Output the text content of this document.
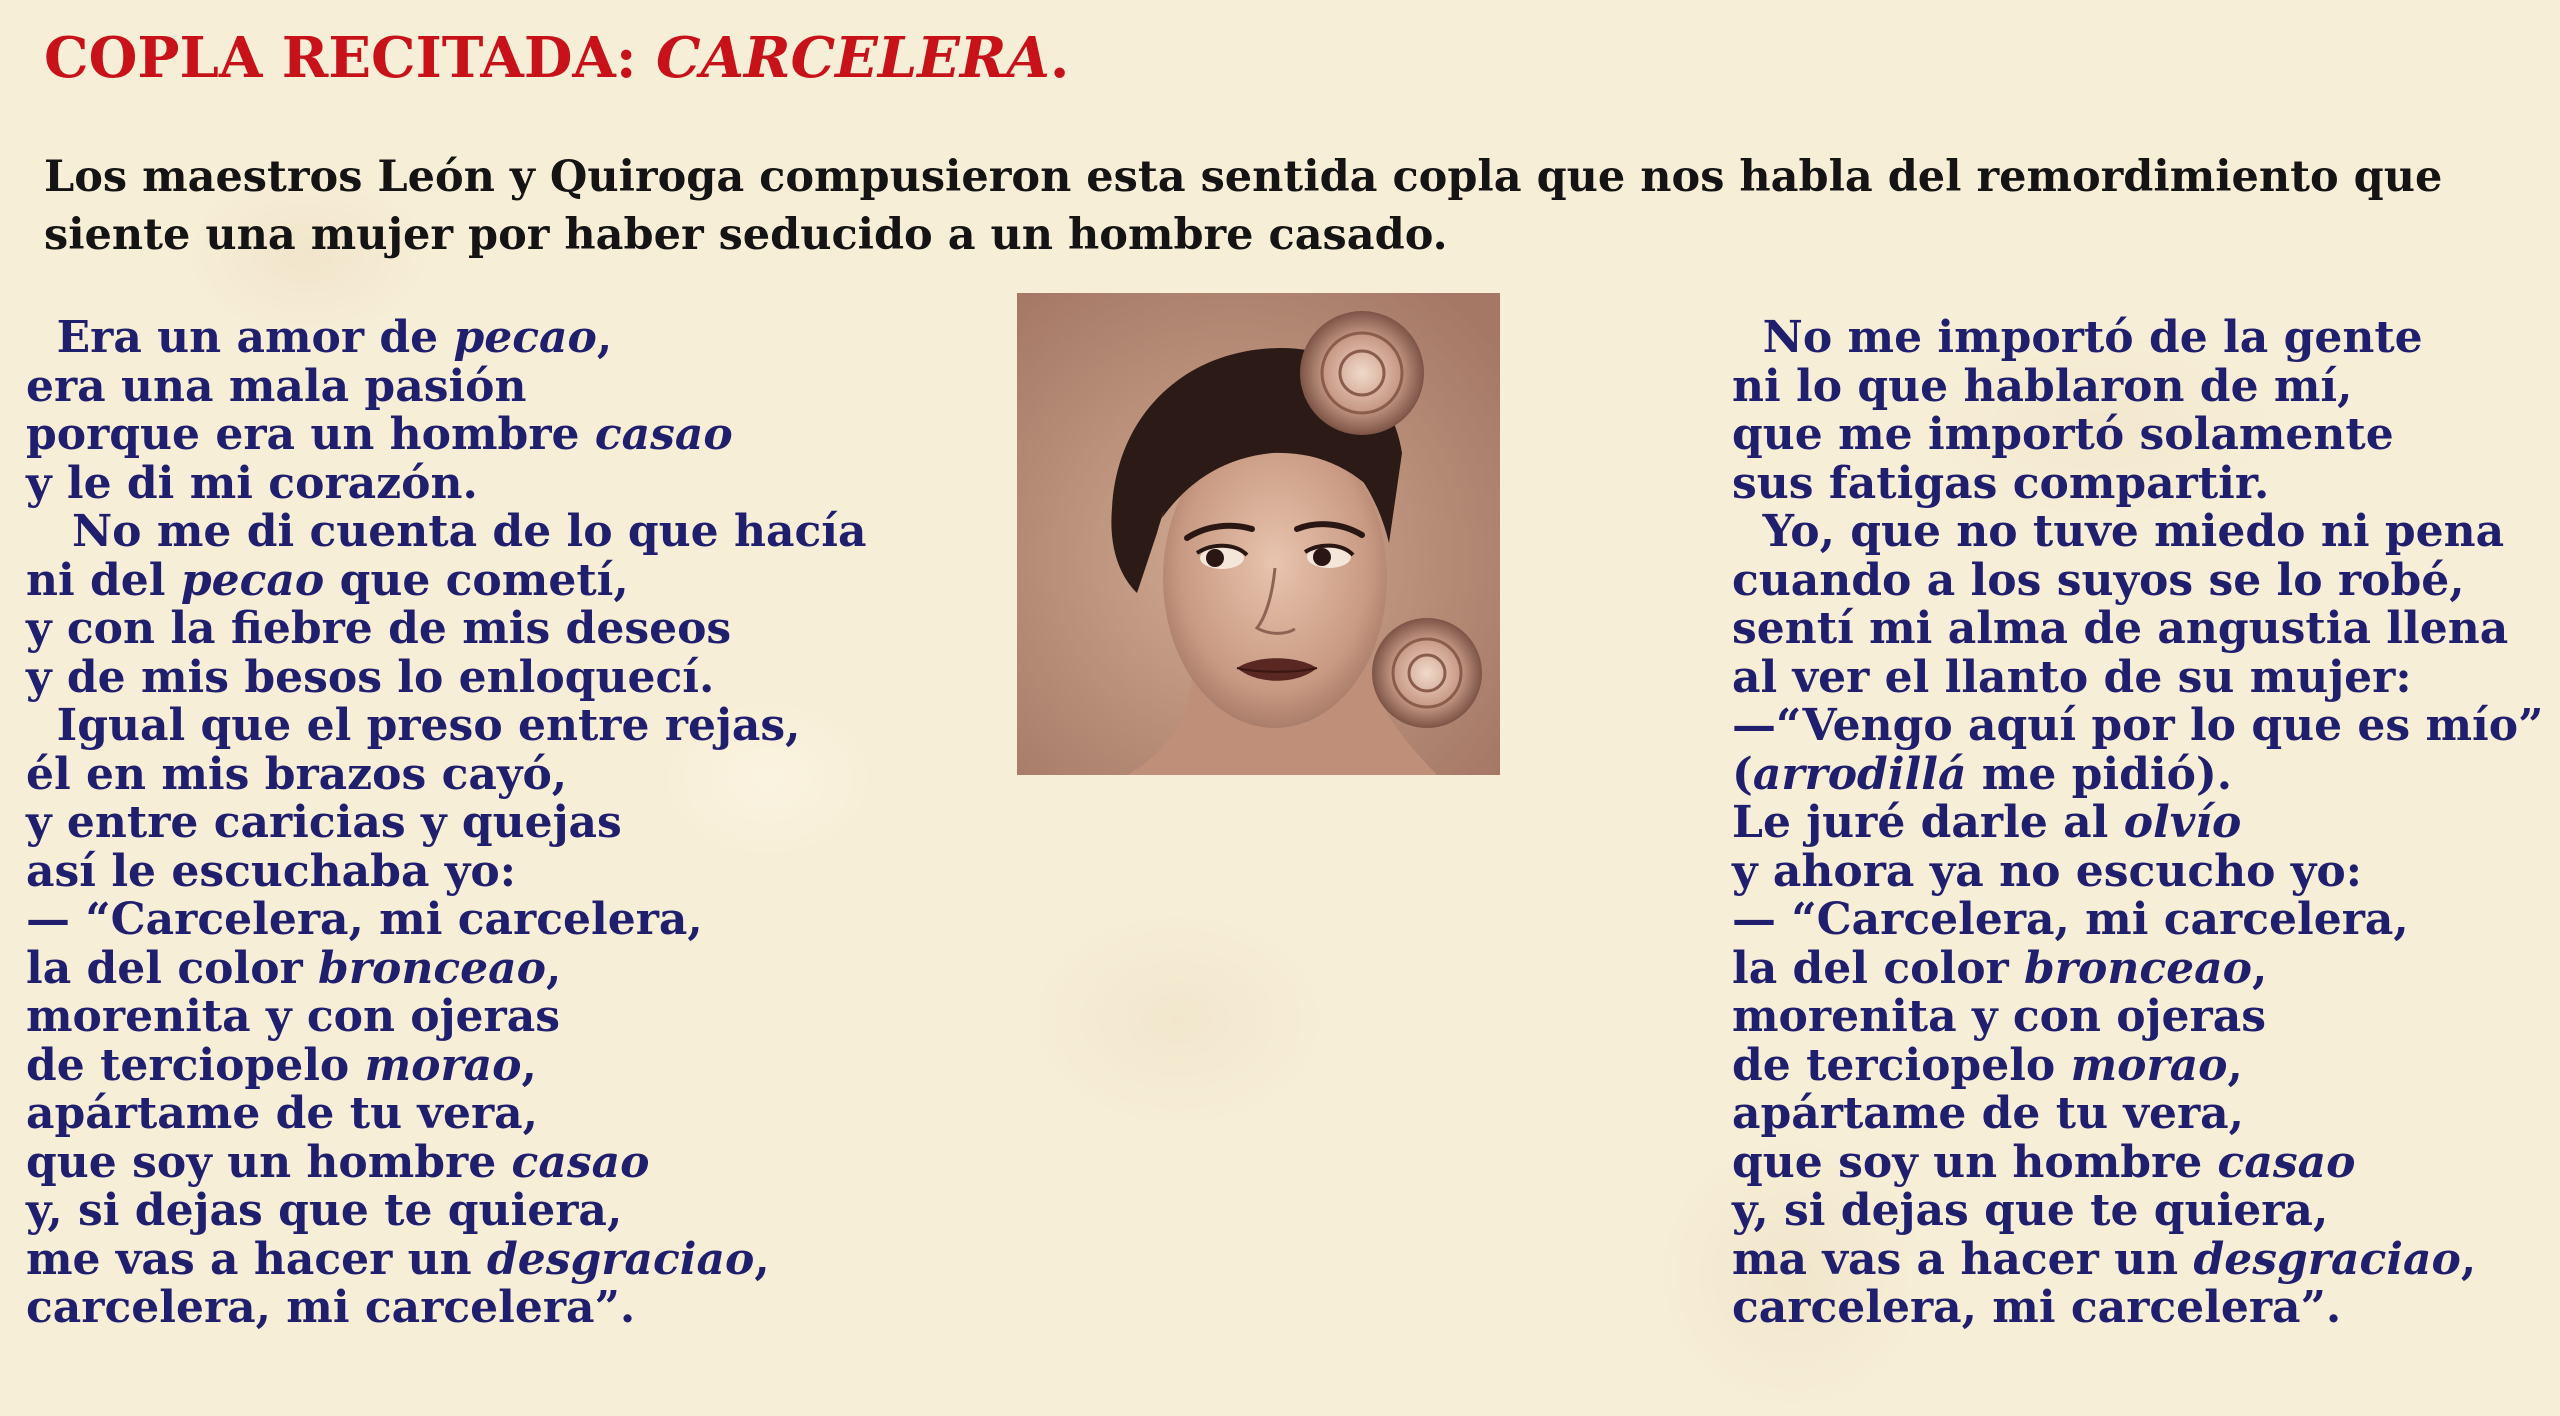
COPLA RECITADA: CARCELERA.

Los maestros León y Quiroga compusieron esta sentida copla que nos habla del remordimiento que siente una mujer por haber seducido a un hombre casado.

Era un amor de pecao,
era una mala pasión
porque era un hombre casao
y le di mi corazón.
No me di cuenta de lo que hacía
ni del pecao que cometí,
y con la fiebre de mis deseos
y de mis besos lo enloquecí.
Igual que el preso entre rejas,
él en mis brazos cayó,
y entre caricias y quejas
así le escuchaba yo:
— “Carcelera, mi carcelera,
la del color bronceao,
morenita y con ojeras
de terciopelo morao,
apártame de tu vera,
que soy un hombre casao
y, si dejas que te quiera,
me vas a hacer un desgraciao,
carcelera, mi carcelera”.
No me importó de la gente
ni lo que hablaron de mí,
que me importó solamente
sus fatigas compartir.
Yo, que no tuve miedo ni pena
cuando a los suyos se lo robé,
sentí mi alma de angustia llena
al ver el llanto de su mujer:
—“Vengo aquí por lo que es mío”
(arrodillá me pidió).
Le juré darle al olvío
y ahora ya no escucho yo:
— “Carcelera, mi carcelera,
la del color bronceao,
morenita y con ojeras
de terciopelo morao,
apártame de tu vera,
que soy un hombre casao
y, si dejas que te quiera,
ma vas a hacer un desgraciao,
carcelera, mi carcelera”.
